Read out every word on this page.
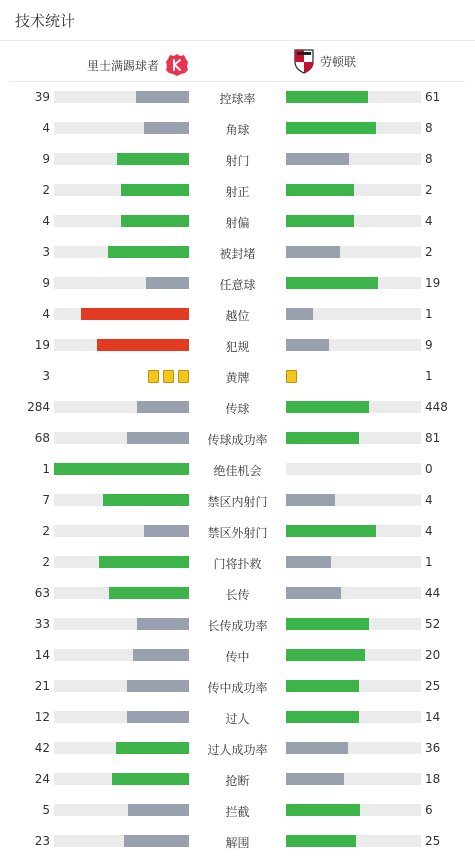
技术统计
里士满踢球者	劳顿联
39	控球率	61
4	角球	8
9	射门	8
2	射正	2
4	射偏	4
3	被封堵	2
9	任意球	19
4	越位	1
19	犯规	9
3	黄牌	1
284	传球	448
68	传球成功率	81
1	绝佳机会	0
7	禁区内射门	4
2	禁区外射门	4
2	门将扑救	1
63	长传	44
33	长传成功率	52
14	传中	20
21	传中成功率	25
12	过人	14
42	过人成功率	36
24	抢断	18
5	拦截	6
23	解围	25
